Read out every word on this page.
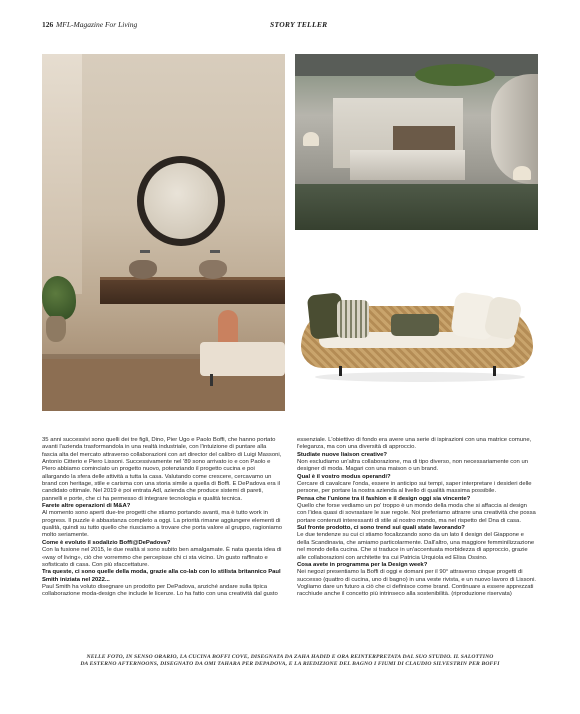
126 MFL-Magazine For Living	STORY TELLER

35 anni successivi sono quelli dei tre figli, Dino, Pier Ugo e Paolo Boffi, che hanno portato avanti l'azienda trasformandola in una realtà industriale, con l'intuizione di puntare alla fascia alta del mercato attraverso collaborazioni con art director del calibro di Luigi Massoni, Antonio Citterio e Piero Lissoni. Successivamente nel '89 sono arrivato io e con Paolo e Piero abbiamo cominciato un progetto nuovo, potenziando il progetto cucina e poi allargando la sfera delle attività a tutta la casa. Valutando come crescere, cercavamo un brand con heritage, stile e carisma con una storia simile a quella di Boffi. E DePadova era il candidato ottimale. Nel 2019 è poi entrata Adl, azienda che produce sistemi di pareti, pannelli e porte, che ci ha permesso di integrare tecnologia e qualità tecnica.

Farete altre operazioni di M&A?

Al momento sono aperti due-tre progetti che stiamo portando avanti, ma è tutto work in progress. Il puzzle è abbastanza completo a oggi. La priorità rimane aggiungere elementi di qualità, quindi su tutto quello che riusciamo a trovare che porta valore al gruppo, ragioniamo molto seriamente.

Come è evoluto il sodalizio Boffi@DePadova?

Con la fusione nel 2015, le due realtà si sono subito ben amalgamate. È nata questa idea di «way of living», ciò che vorremmo che percepisse chi ci sta vicino. Un gusto raffinato e sofisticato di casa. Con più sfaccettature.

Tra queste, ci sono quelle della moda, grazie alla co-lab con lo stilista britannico Paul Smith iniziata nel 2022...

Paul Smith ha voluto disegnare un prodotto per DePadova, anziché andare sulla tipica collaborazione moda-design che include le licenze. Lo ha fatto con una creatività dal gusto

essenziale. L'obiettivo di fondo era avere una serie di ispirazioni con una matrice comune, l'eleganza, ma con una diversità di approccio.

Studiate nuove liaison creative?

Non escludiamo un'altra collaborazione, ma di tipo diverso, non necessariamente con un designer di moda. Magari con una maison o un brand.

Qual è il vostro modus operandi?

Cercare di cavalcare l'onda, essere in anticipo sui tempi, saper interpretare i desideri delle persone, per portare la nostra azienda al livello di qualità massima possibile.

Pensa che l'unione tra il fashion e il design oggi sia vincente?

Quello che forse vediamo un po' troppo è un mondo della moda che si affaccia al design con l'idea quasi di sovrastare le sue regole. Noi preferiamo attrarre una creatività che possa portare contenuti interessanti di stile al nostro mondo, ma nel rispetto del Dna di casa.

Sul fronte prodotto, ci sono trend sui quali state lavorando?

Le due tendenze su cui ci stiamo focalizzando sono da un lato il design del Giappone e della Scandinavia, che amiamo particolarmente. Dall'altro, una maggiore femminilizzazione nel mondo della cucina. Che si traduce in un'accentuata morbidezza di approccio, grazie alle collaborazioni con architette tra cui Patricia Urquiola ed Elisa Ossino.

Cosa avete in programma per la Design week?

Nei negozi presentiamo la Boffi di oggi e domani per il 90° attraverso cinque progetti di successo (quattro di cucina, uno di bagno) in una veste rivista, e un nuovo lavoro di Lissoni. Vogliamo dare un futuro a ciò che ci definisce come brand. Continuare a essere apprezzati racchiude anche il concetto più intrinseco alla sostenibilità. (riproduzione riservata)

NELLE FOTO, IN SENSO ORARIO, LA CUCINA BOFFI COVE, DISEGNATA DA ZAHA HADID E ORA REINTERPRETATA DAL SUO STUDIO. IL SALOTTINO
DA ESTERNO AFTERNOONS, DISEGNATO DA OMI TAHARA PER DEPADOVA, E LA RIEDIZIONE DEL BAGNO I FIUMI DI CLAUDIO SILVESTRIN PER BOFFI
